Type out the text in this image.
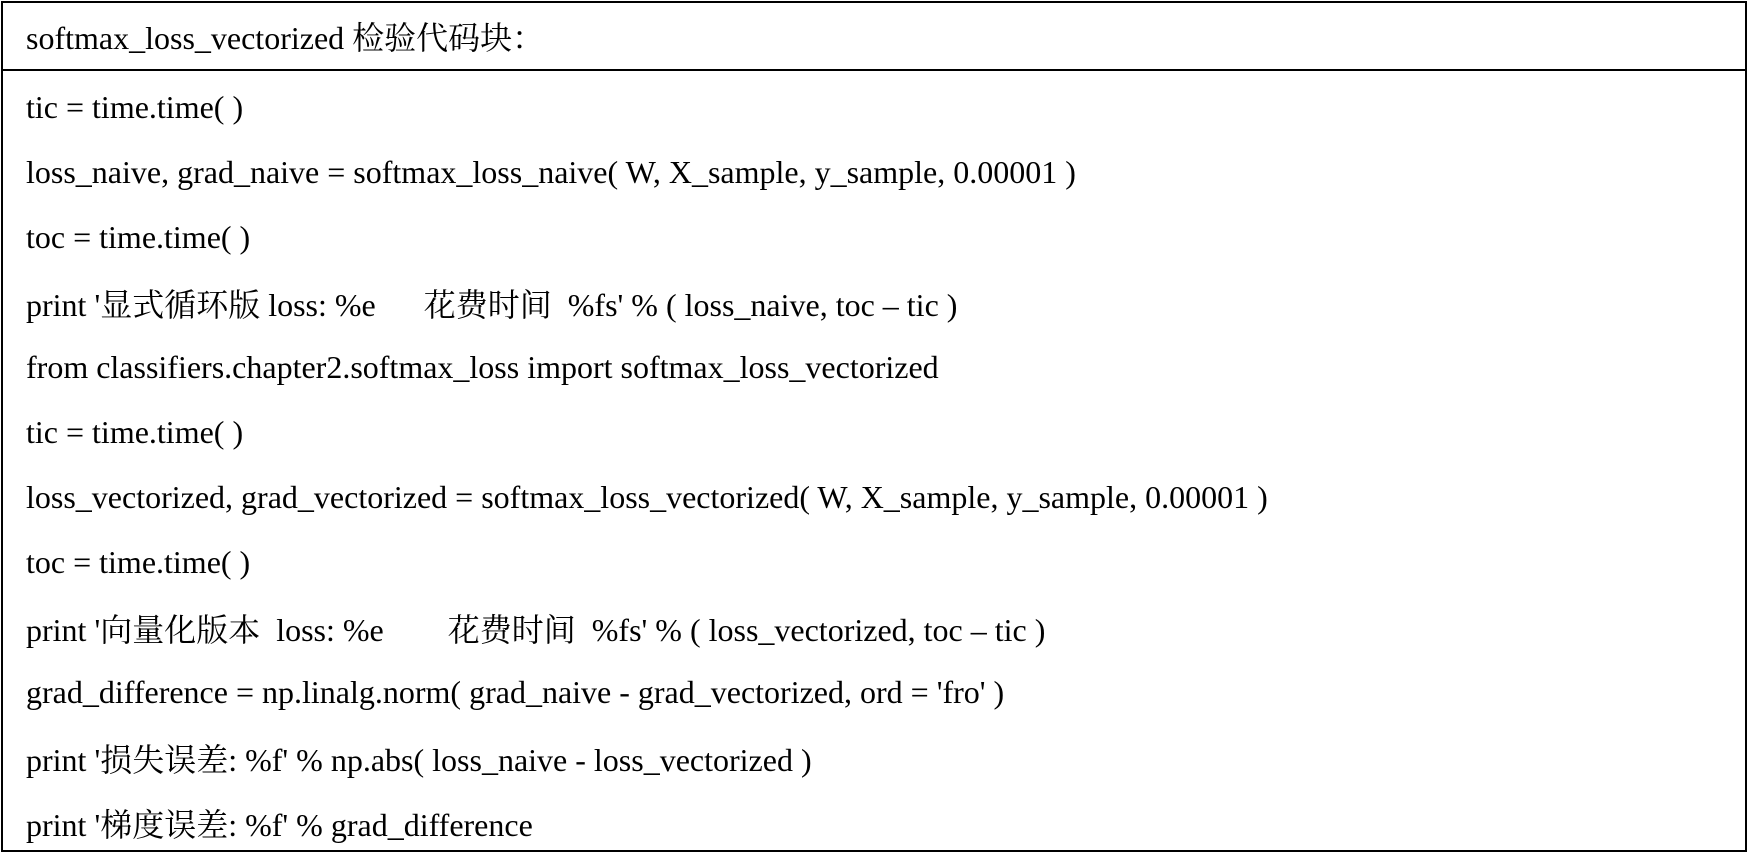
softmax_loss_vectorized 检验代码块：
tic = time.time( )
loss_naive, grad_naive = softmax_loss_naive( W, X_sample, y_sample, 0.00001 )
toc = time.time( )
print '显式循环版 loss: %e      花费时间  %fs' % ( loss_naive, toc – tic )
from classifiers.chapter2.softmax_loss import softmax_loss_vectorized
tic = time.time( )
loss_vectorized, grad_vectorized = softmax_loss_vectorized( W, X_sample, y_sample, 0.00001 )
toc = time.time( )
print '向量化版本  loss: %e        花费时间  %fs' % ( loss_vectorized, toc – tic )
grad_difference = np.linalg.norm( grad_naive - grad_vectorized, ord = 'fro' )
print '损失误差: %f' % np.abs( loss_naive - loss_vectorized )
print '梯度误差: %f' % grad_difference
